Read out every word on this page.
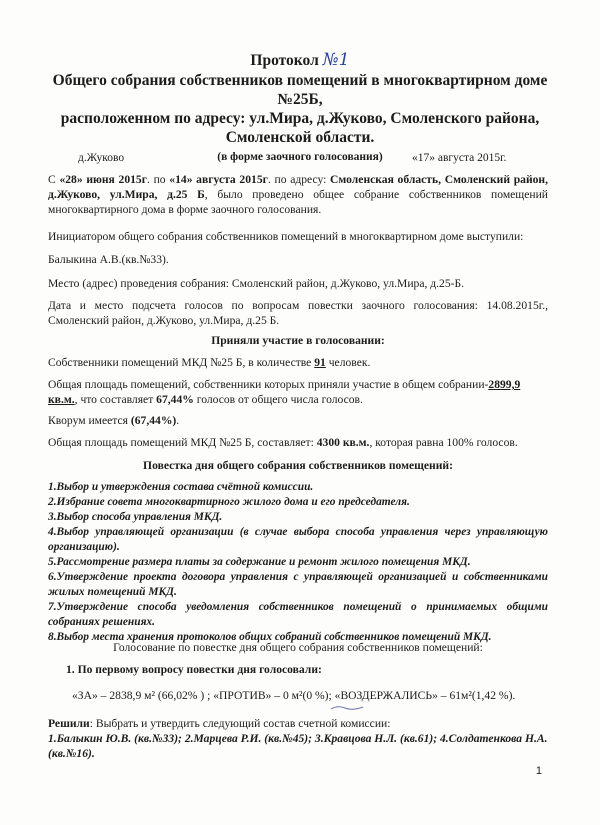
Протокол №1
Общего собрания собственников помещений в многоквартирном доме №25Б,
расположенном по адресу: ул.Мира, д.Жуково, Смоленского района,
Смоленской области.
(в форме заочного голосования)
д.Жуково	«17» августа 2015г.
С «28» июня 2015г. по «14» августа 2015г. по адресу: Смоленская область, Смоленский район, д.Жуково, ул.Мира, д.25 Б, было проведено общее собрание собственников помещений многоквартирного дома в форме заочного голосования.
Инициатором общего собрания собственников помещений в многоквартирном доме выступили:
Балыкина А.В.(кв.№33).
Место (адрес) проведения собрания: Смоленский район, д.Жуково, ул.Мира, д.25-Б.
Дата и место подсчета голосов по вопросам повестки заочного голосования: 14.08.2015г., Смоленский район, д.Жуково, ул.Мира, д.25 Б.
Приняли участие в голосовании:
Собственники помещений МКД №25 Б, в количестве 91 человек.
Общая площадь помещений, собственники которых приняли участие в общем собрании-2899,9 кв.м., что составляет 67,44% голосов от общего числа голосов.
Кворум имеется (67,44%).
Общая площадь помещений МКД №25 Б, составляет: 4300 кв.м., которая равна 100% голосов.
Повестка дня общего собрания собственников помещений:
1.Выбор и утверждения состава счётной комиссии.
2.Избрание совета многоквартирного жилого дома и его председателя.
3.Выбор способа управления МКД.
4.Выбор управляющей организации (в случае выбора способа управления через управляющую организацию).
5.Рассмотрение размера платы за содержание и ремонт жилого помещения МКД.
6.Утверждение проекта договора управления с управляющей организацией и собственниками жилых помещений МКД.
7.Утверждение способа уведомления собственников помещений о принимаемых общими собраниях решениях.
8.Выбор места хранения протоколов общих собраний собственников помещений МКД.
Голосование по повестке дня общего собрания собственников помещений:
1. По первому вопросу повестки дня голосовали:
«ЗА» – 2838,9 м² (66,02% ) ; «ПРОТИВ» – 0 м²(0 %); «ВОЗДЕРЖАЛИСЬ» – 61м²(1,42 %).
Решили: Выбрать и утвердить следующий состав счетной комиссии:
1.Балыкин Ю.В. (кв.№33); 2.Марцева Р.И. (кв.№45); 3.Кравцова Н.Л. (кв.61); 4.Солдатенкова Н.А. (кв.№16).
1
